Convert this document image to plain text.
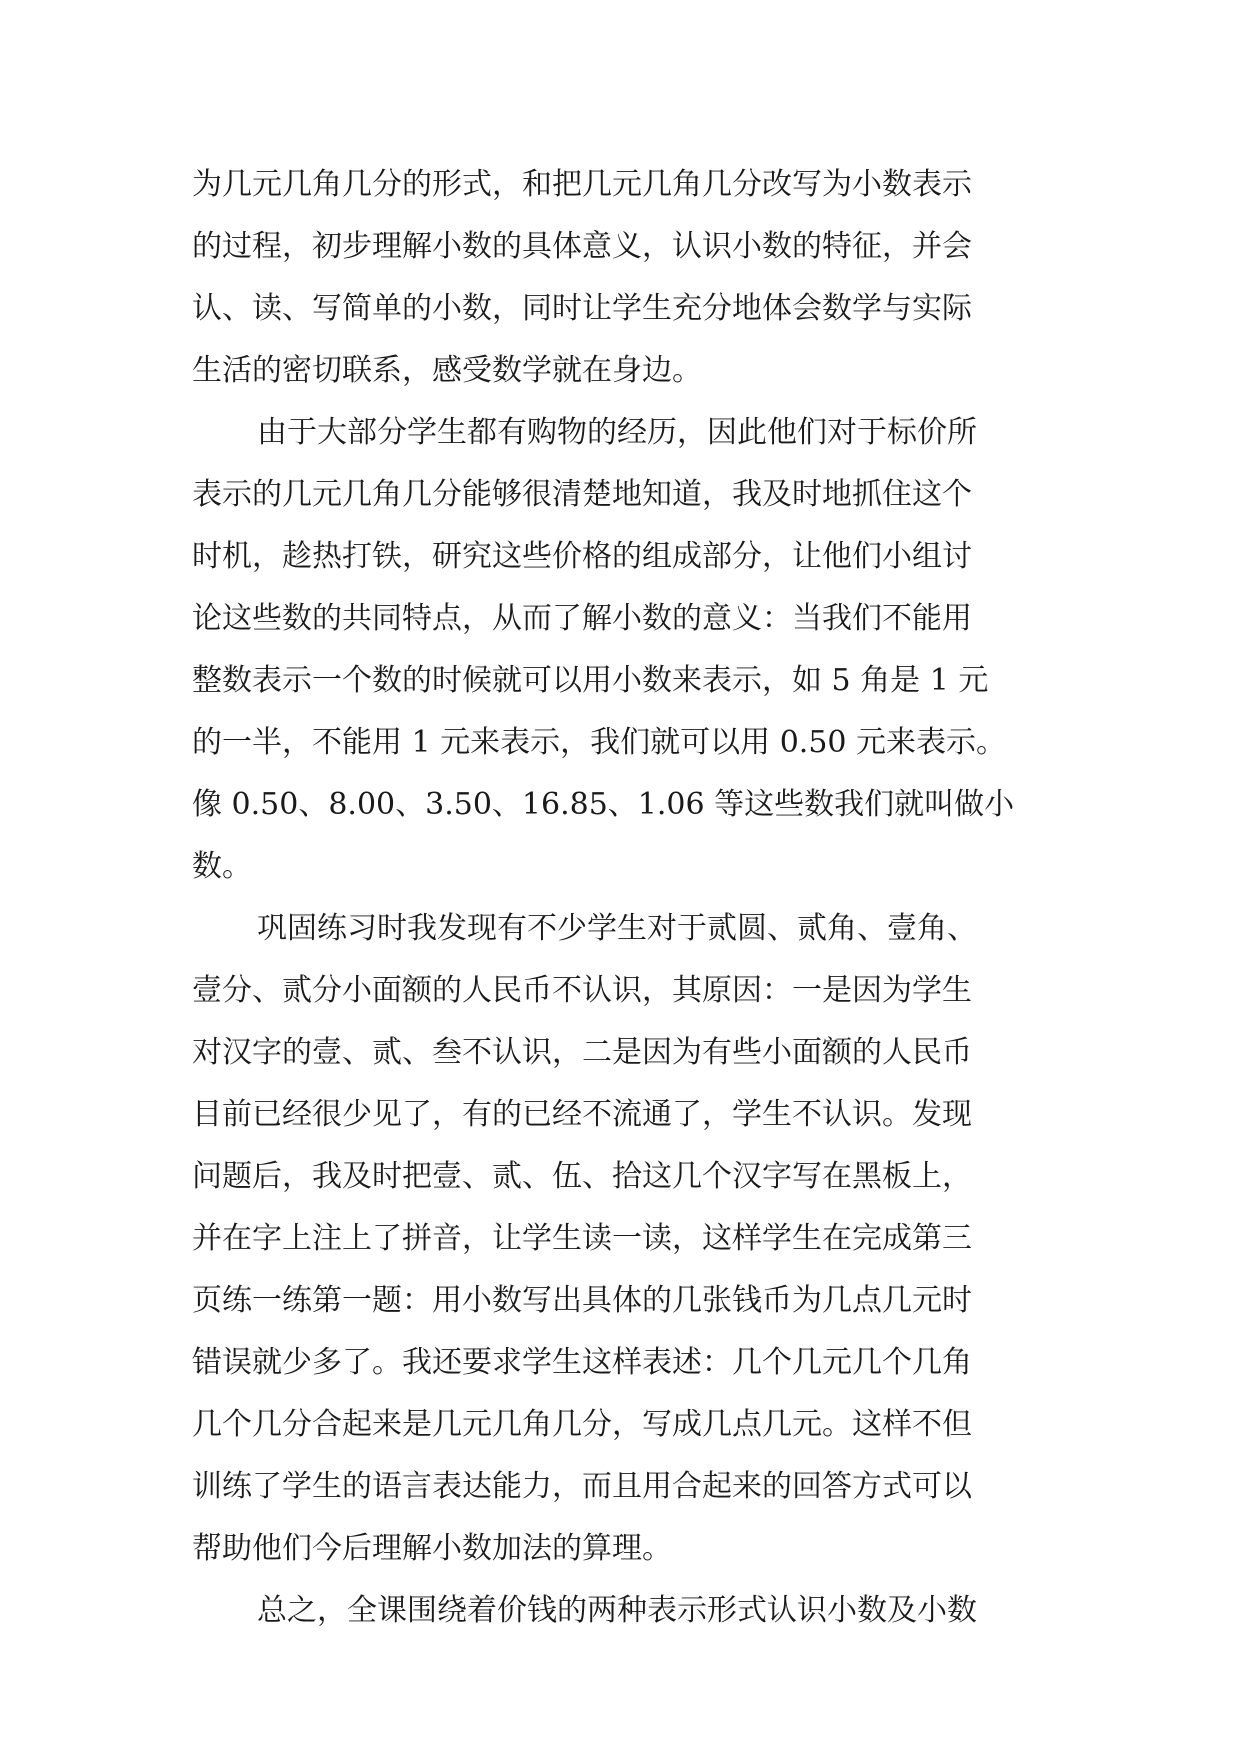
为几元几角几分的形式，和把几元几角几分改写为小数表示
的过程，初步理解小数的具体意义，认识小数的特征，并会
认、读、写简单的小数，同时让学生充分地体会数学与实际
生活的密切联系，感受数学就在身边。
由于大部分学生都有购物的经历，因此他们对于标价所
表示的几元几角几分能够很清楚地知道，我及时地抓住这个
时机，趁热打铁，研究这些价格的组成部分，让他们小组讨
论这些数的共同特点，从而了解小数的意义：当我们不能用
整数表示一个数的时候就可以用小数来表示，如 5 角是 1 元
的一半，不能用 1 元来表示，我们就可以用 0.50 元来表示。
像 0.50、8.00、3.50、16.85、1.06 等这些数我们就叫做小
数。
巩固练习时我发现有不少学生对于贰圆、贰角、壹角、
壹分、贰分小面额的人民币不认识，其原因：一是因为学生
对汉字的壹、贰、叁不认识，二是因为有些小面额的人民币
目前已经很少见了，有的已经不流通了，学生不认识。发现
问题后，我及时把壹、贰、伍、拾这几个汉字写在黑板上，
并在字上注上了拼音，让学生读一读，这样学生在完成第三
页练一练第一题：用小数写出具体的几张钱币为几点几元时
错误就少多了。我还要求学生这样表述：几个几元几个几角
几个几分合起来是几元几角几分，写成几点几元。这样不但
训练了学生的语言表达能力，而且用合起来的回答方式可以
帮助他们今后理解小数加法的算理。
总之，全课围绕着价钱的两种表示形式认识小数及小数
